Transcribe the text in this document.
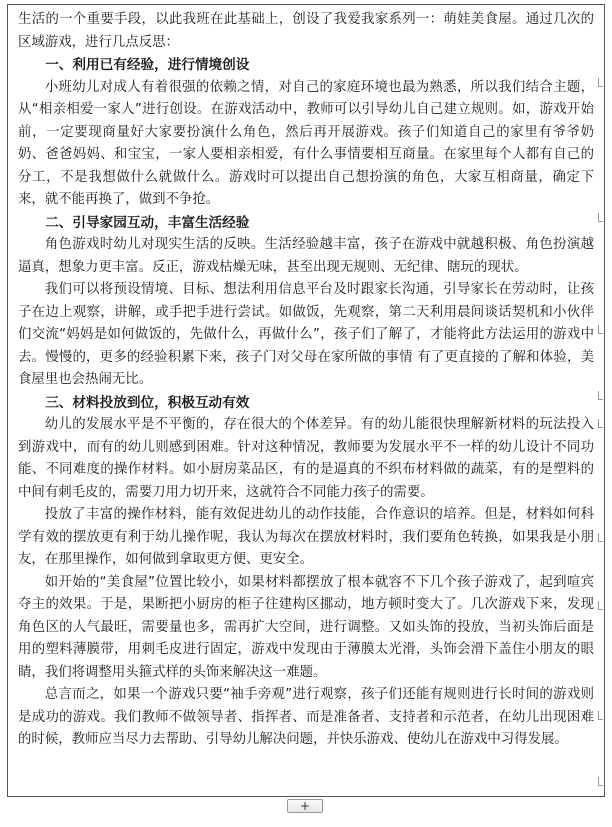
生活的一个重要手段，以此我班在此基础上，创设了我爱我家系列一：萌娃美食屋。通过几次的区域游戏，进行几点反思：

一、利用已有经验，进行情境创设

小班幼儿对成人有着很强的依赖之情，对自己的家庭环境也最为熟悉，所以我们结合主题，从“相亲相爱一家人”进行创设。在游戏活动中，教师可以引导幼儿自己建立规则。如，游戏开始前，一定要现商量好大家要扮演什么角色，然后再开展游戏。孩子们知道自己的家里有爷爷奶奶、爸爸妈妈、和宝宝，一家人要相亲相爱，有什么事情要相互商量。在家里每个人都有自己的分工，不是我想做什么就做什么。游戏时可以提出自己想扮演的角色，大家互相商量，确定下来，就不能再换了，做到不争抢。

二、引导家园互动，丰富生活经验

角色游戏时幼儿对现实生活的反映。生活经验越丰富，孩子在游戏中就越积极、角色扮演越逼真，想象力更丰富。反正，游戏枯燥无味，甚至出现无规则、无纪律、瞎玩的现状。

我们可以将预设情境、目标、想法利用信息平台及时跟家长沟通，引导家长在劳动时，让孩子在边上观察，讲解，或手把手进行尝试。如做饭，先观察，第二天利用晨间谈话契机和小伙伴们交流“妈妈是如何做饭的，先做什么，再做什么”，孩子们了解了，才能将此方法运用的游戏中去。慢慢的，更多的经验积累下来，孩子门对父母在家所做的事情 有了更直接的了解和体验，美食屋里也会热闹无比。

三、材料投放到位，积极互动有效

幼儿的发展水平是不平衡的，存在很大的个体差异。有的幼儿能很快理解新材料的玩法投入到游戏中，而有的幼儿则感到困难。针对这种情况，教师要为发展水平不一样的幼儿设计不同功能、不同难度的操作材料。如小厨房菜品区，有的是逼真的不织布材料做的蔬菜，有的是塑料的中间有刺毛皮的，需要刀用力切开来，这就符合不同能力孩子的需要。

投放了丰富的操作材料，能有效促进幼儿的动作技能，合作意识的培养。但是，材料如何科学有效的摆放更有利于幼儿操作呢，我认为每次在摆放材料时，我们要角色转换，如果我是小朋友，在那里操作，如何做到拿取更方便、更安全。

如开始的“美食屋”位置比较小，如果材料都摆放了根本就容不下几个孩子游戏了，起到喧宾夺主的效果。于是，果断把小厨房的柜子往建构区挪动，地方顿时变大了。几次游戏下来，发现角色区的人气最旺，需要量也多，需再扩大空间，进行调整。又如头饰的投放，当初头饰后面是用的塑料薄膜带，用刺毛皮进行固定，游戏中发现由于薄膜太光滑，头饰会滑下盖住小朋友的眼睛，我们将调整用头箍式样的头饰来解决这一难题。

总言而之，如果一个游戏只要“袖手旁观”进行观察，孩子们还能有规则进行长时间的游戏则是成功的游戏。我们教师不做领导者、指挥者、而是准备者、支持者和示范者，在幼儿出现困难的时候，教师应当尽力去帮助、引导幼儿解决问题，并快乐游戏、使幼儿在游戏中习得发展。

+
